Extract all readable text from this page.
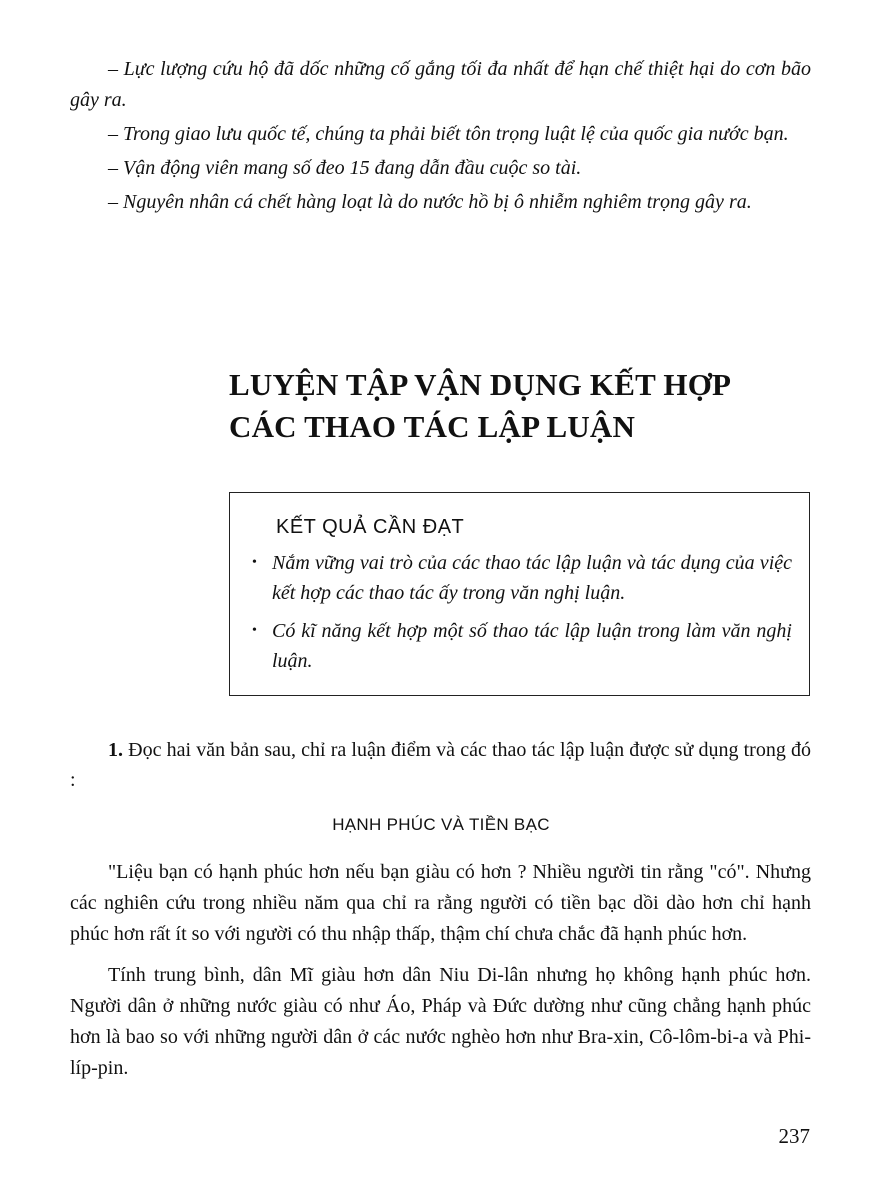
– Lực lượng cứu hộ đã dốc những cố gắng tối đa nhất để hạn chế thiệt hại do cơn bão gây ra.

– Trong giao lưu quốc tế, chúng ta phải biết tôn trọng luật lệ của quốc gia nước bạn.

– Vận động viên mang số đeo 15 đang dẫn đầu cuộc so tài.

– Nguyên nhân cá chết hàng loạt là do nước hồ bị ô nhiễm nghiêm trọng gây ra.

LUYỆN TẬP VẬN DỤNG KẾT HỢP
CÁC THAO TÁC LẬP LUẬN
KẾT QUẢ CẦN ĐẠT
• Nắm vững vai trò của các thao tác lập luận và tác dụng của việc kết hợp các thao tác ấy trong văn nghị luận.
• Có kĩ năng kết hợp một số thao tác lập luận trong làm văn nghị luận.

1. Đọc hai văn bản sau, chỉ ra luận điểm và các thao tác lập luận được sử dụng trong đó :

HẠNH PHÚC VÀ TIỀN BẠC

"Liệu bạn có hạnh phúc hơn nếu bạn giàu có hơn ? Nhiều người tin rằng "có". Nhưng các nghiên cứu trong nhiều năm qua chỉ ra rằng người có tiền bạc dồi dào hơn chỉ hạnh phúc hơn rất ít so với người có thu nhập thấp, thậm chí chưa chắc đã hạnh phúc hơn.

Tính trung bình, dân Mĩ giàu hơn dân Niu Di-lân nhưng họ không hạnh phúc hơn. Người dân ở những nước giàu có như Áo, Pháp và Đức dường như cũng chẳng hạnh phúc hơn là bao so với những người dân ở các nước nghèo hơn như Bra-xin, Cô-lôm-bi-a và Phi-líp-pin.

237
